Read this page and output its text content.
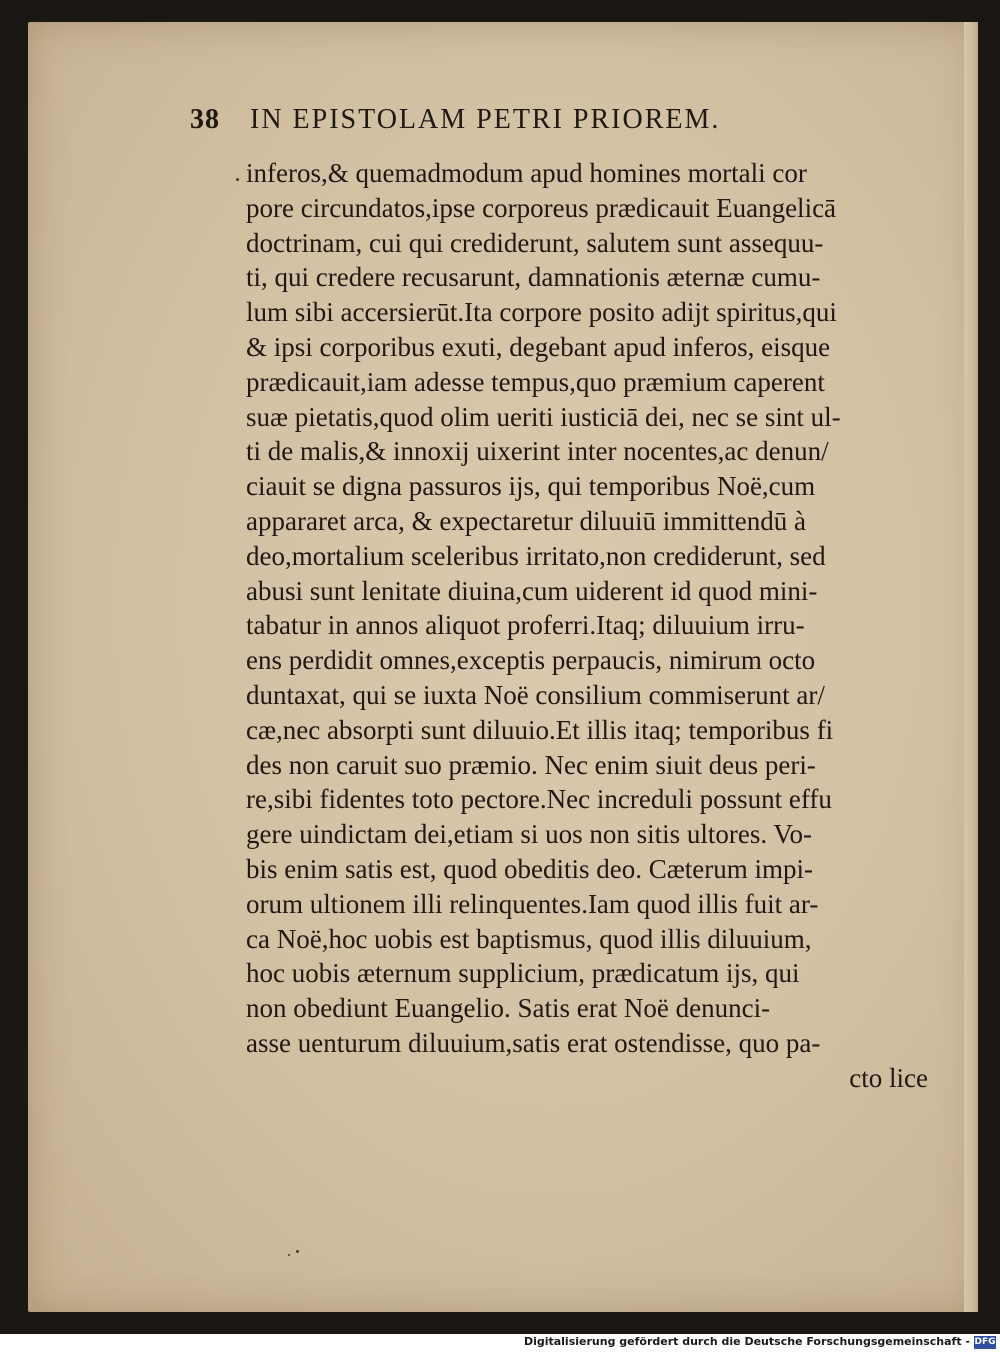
38 IN EPISTOLAM PETRI PRIOREM.
inferos,& quemadmodum apud homines mortali cor
pore circundatos,ipse corporeus prædicauit Euangelicā
doctrinam, cui qui crediderunt, salutem sunt assequu-
ti, qui credere recusarunt, damnationis æternæ cumu-
lum sibi accersierūt.Ita corpore posito adijt spiritus,qui
& ipsi corporibus exuti, degebant apud inferos, eisque
prædicauit,iam adesse tempus,quo præmium caperent
suæ pietatis,quod olim ueriti iusticiā dei, nec se sint ul-
ti de malis,& innoxij uixerint inter nocentes,ac denun/
ciauit se digna passuros ijs, qui temporibus Noë,cum
appararet arca, & expectaretur diluuiū immittendū à
deo,mortalium sceleribus irritato,non crediderunt, sed
abusi sunt lenitate diuina,cum uiderent id quod mini-
tabatur in annos aliquot proferri.Itaq; diluuium irru-
ens perdidit omnes,exceptis perpaucis, nimirum octo
duntaxat, qui se iuxta Noë consilium commiserunt ar/
cæ,nec absorpti sunt diluuio.Et illis itaq; temporibus fi
des non caruit suo præmio. Nec enim siuit deus peri-
re,sibi fidentes toto pectore.Nec increduli possunt effu
gere uindictam dei,etiam si uos non sitis ultores. Vo-
bis enim satis est, quod obeditis deo. Cæterum impi-
orum ultionem illi relinquentes.Iam quod illis fuit ar-
ca Noë,hoc uobis est baptismus, quod illis diluuium,
hoc uobis æternum supplicium, prædicatum ijs, qui
non obediunt Euangelio. Satis erat Noë denunci-
asse uenturum diluuium,satis erat ostendisse, quo pa-
cto lice
Digitalisierung gefördert durch die Deutsche Forschungsgemeinschaft - DFG
